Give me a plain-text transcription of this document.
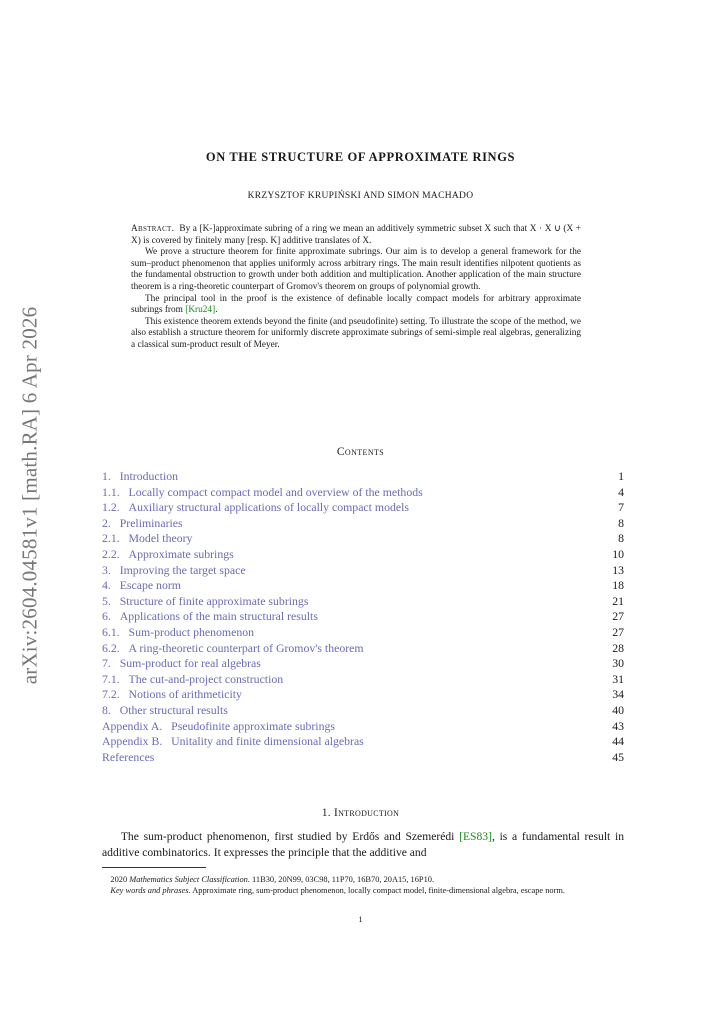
arXiv:2604.04581v1 [math.RA] 6 Apr 2026
ON THE STRUCTURE OF APPROXIMATE RINGS
KRZYSZTOF KRUPIŃSKI AND SIMON MACHADO

Abstract. By a [K-]approximate subring of a ring we mean an additively symmetric subset X such that X · X ∪ (X + X) is covered by finitely many [resp. K] additive translates of X.

We prove a structure theorem for finite approximate subrings. Our aim is to develop a general framework for the sum–product phenomenon that applies uniformly across arbitrary rings. The main result identifies nilpotent quotients as the fundamental obstruction to growth under both addition and multiplication. Another application of the main structure theorem is a ring-theoretic counterpart of Gromov's theorem on groups of polynomial growth.

The principal tool in the proof is the existence of definable locally compact models for arbitrary approximate subrings from [Kru24].

This existence theorem extends beyond the finite (and pseudofinite) setting. To illustrate the scope of the method, we also establish a structure theorem for uniformly discrete approximate subrings of semi-simple real algebras, generalizing a classical sum-product result of Meyer.

Contents
1. Introduction	1
1.1. Locally compact compact model and overview of the methods	4
1.2. Auxiliary structural applications of locally compact models	7
2. Preliminaries	8
2.1. Model theory	8
2.2. Approximate subrings	10
3. Improving the target space	13
4. Escape norm	18
5. Structure of finite approximate subrings	21
6. Applications of the main structural results	27
6.1. Sum-product phenomenon	27
6.2. A ring-theoretic counterpart of Gromov's theorem	28
7. Sum-product for real algebras	30
7.1. The cut-and-project construction	31
7.2. Notions of arithmeticity	34
8. Other structural results	40
Appendix A. Pseudofinite approximate subrings	43
Appendix B. Unitality and finite dimensional algebras	44
References	45
1. Introduction

The sum-product phenomenon, first studied by Erdős and Szemerédi [ES83], is a fundamental result in additive combinatorics. It expresses the principle that the additive and

2020 Mathematics Subject Classification. 11B30, 20N99, 03C98, 11P70, 16B70, 20A15, 16P10.

Key words and phrases. Approximate ring, sum-product phenomenon, locally compact model, finite-dimensional algebra, escape norm.

1
